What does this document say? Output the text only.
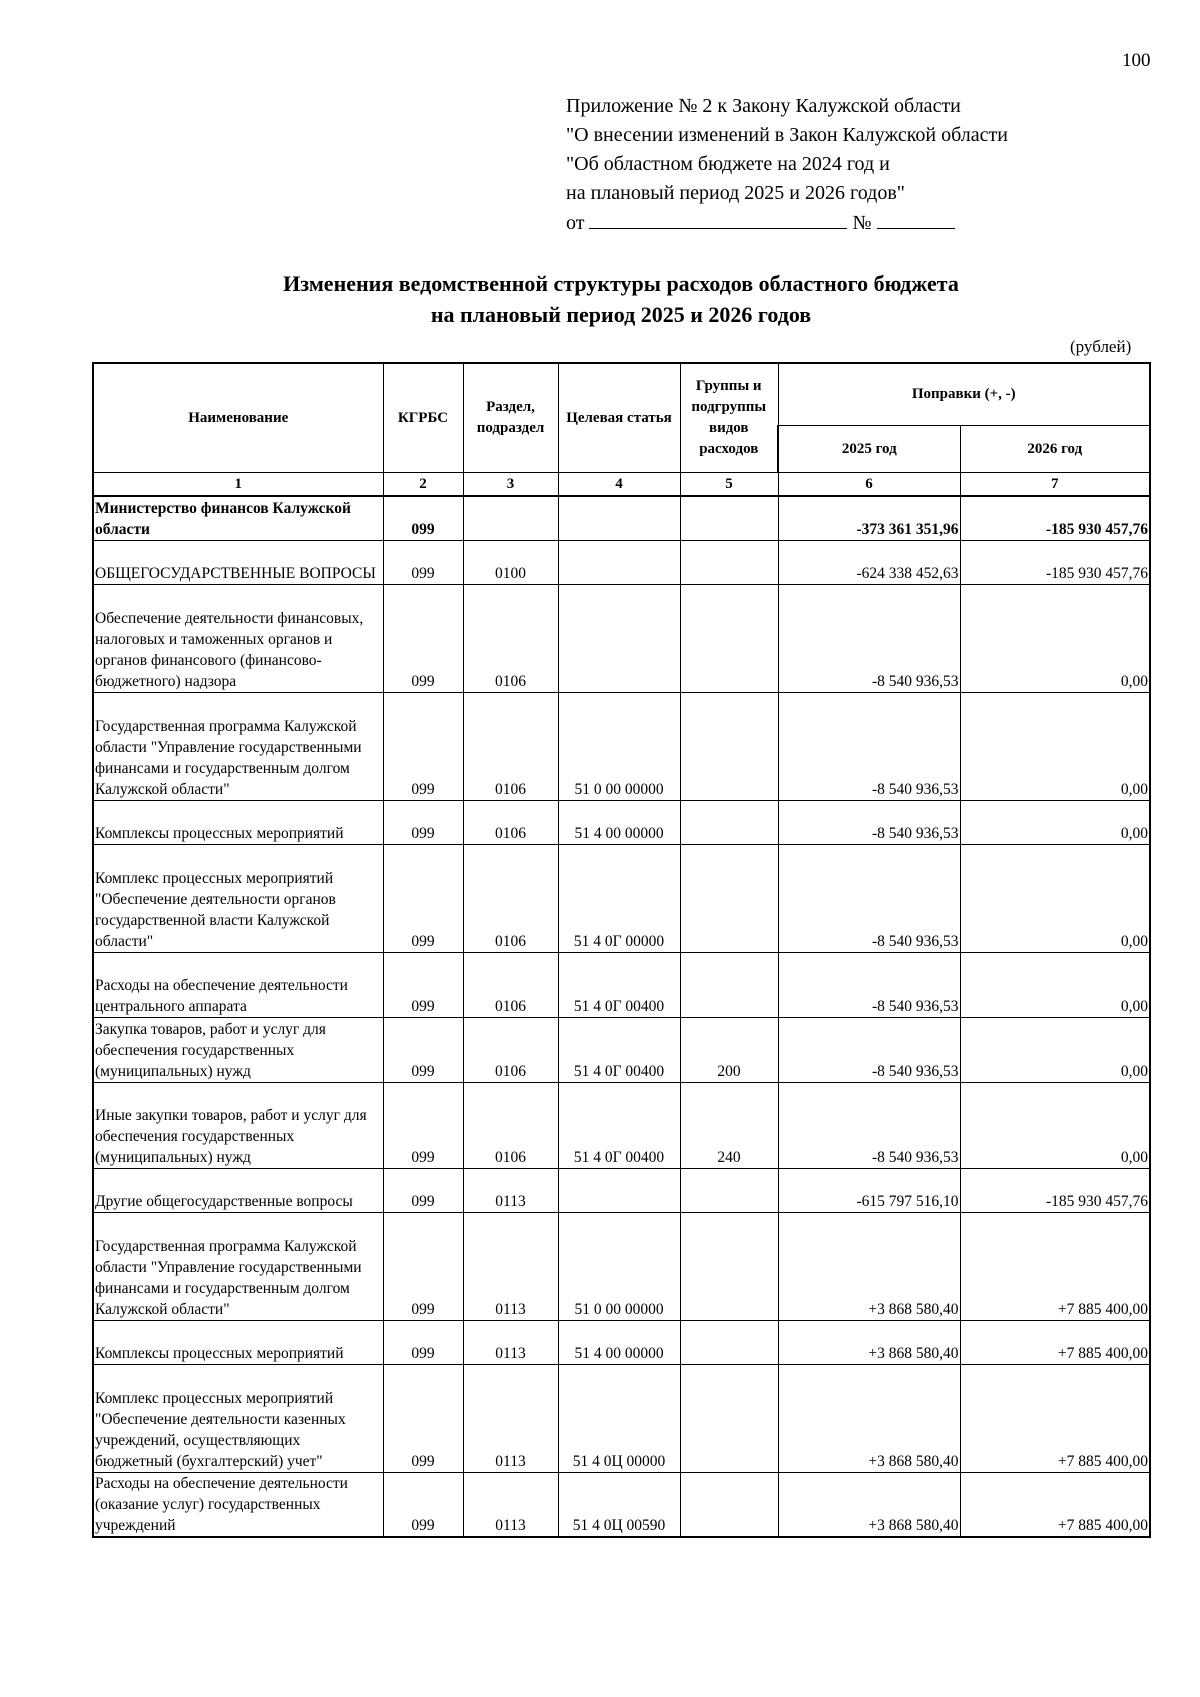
100
Приложение № 2 к Закону Калужской области
"О внесении изменений в Закон Калужской области
"Об областном бюджете на 2024 год и
на плановый период 2025 и 2026 годов"
от	№
Изменения ведомственной структуры расходов областного бюджета
на плановый период 2025 и 2026 годов
(рублей)
Наименование	КГРБС	Раздел, подраздел	Целевая статья	Группы и подгруппы видов расходов	Поправки (+, -)	
					2025 год	2026 год
1	2	3	4	5	6	7
Министерство финансов Калужской области	099				-373 361 351,96	-185 930 457,76
ОБЩЕГОСУДАРСТВЕННЫЕ ВОПРОСЫ	099	0100			-624 338 452,63	-185 930 457,76
Обеспечение деятельности финансовых, налоговых и таможенных органов и органов финансового (финансово-бюджетного) надзора	099	0106			-8 540 936,53	0,00
Государственная программа Калужской области "Управление государственными финансами и государственным долгом Калужской области"	099	0106	51 0 00 00000		-8 540 936,53	0,00
Комплексы процессных мероприятий	099	0106	51 4 00 00000		-8 540 936,53	0,00
Комплекс процессных мероприятий "Обеспечение деятельности органов государственной власти Калужской области"	099	0106	51 4 0Г 00000		-8 540 936,53	0,00
Расходы на обеспечение деятельности центрального аппарата	099	0106	51 4 0Г 00400		-8 540 936,53	0,00
Закупка товаров, работ и услуг для обеспечения государственных (муниципальных) нужд	099	0106	51 4 0Г 00400	200	-8 540 936,53	0,00
Иные закупки товаров, работ и услуг для обеспечения государственных (муниципальных) нужд	099	0106	51 4 0Г 00400	240	-8 540 936,53	0,00
Другие общегосударственные вопросы	099	0113			-615 797 516,10	-185 930 457,76
Государственная программа Калужской области "Управление государственными финансами и государственным долгом Калужской области"	099	0113	51 0 00 00000		+3 868 580,40	+7 885 400,00
Комплексы процессных мероприятий	099	0113	51 4 00 00000		+3 868 580,40	+7 885 400,00
Комплекс процессных мероприятий "Обеспечение деятельности казенных учреждений, осуществляющих бюджетный (бухгалтерский) учет"	099	0113	51 4 0Ц 00000		+3 868 580,40	+7 885 400,00
Расходы на обеспечение деятельности (оказание услуг) государственных учреждений	099	0113	51 4 0Ц 00590		+3 868 580,40	+7 885 400,00
